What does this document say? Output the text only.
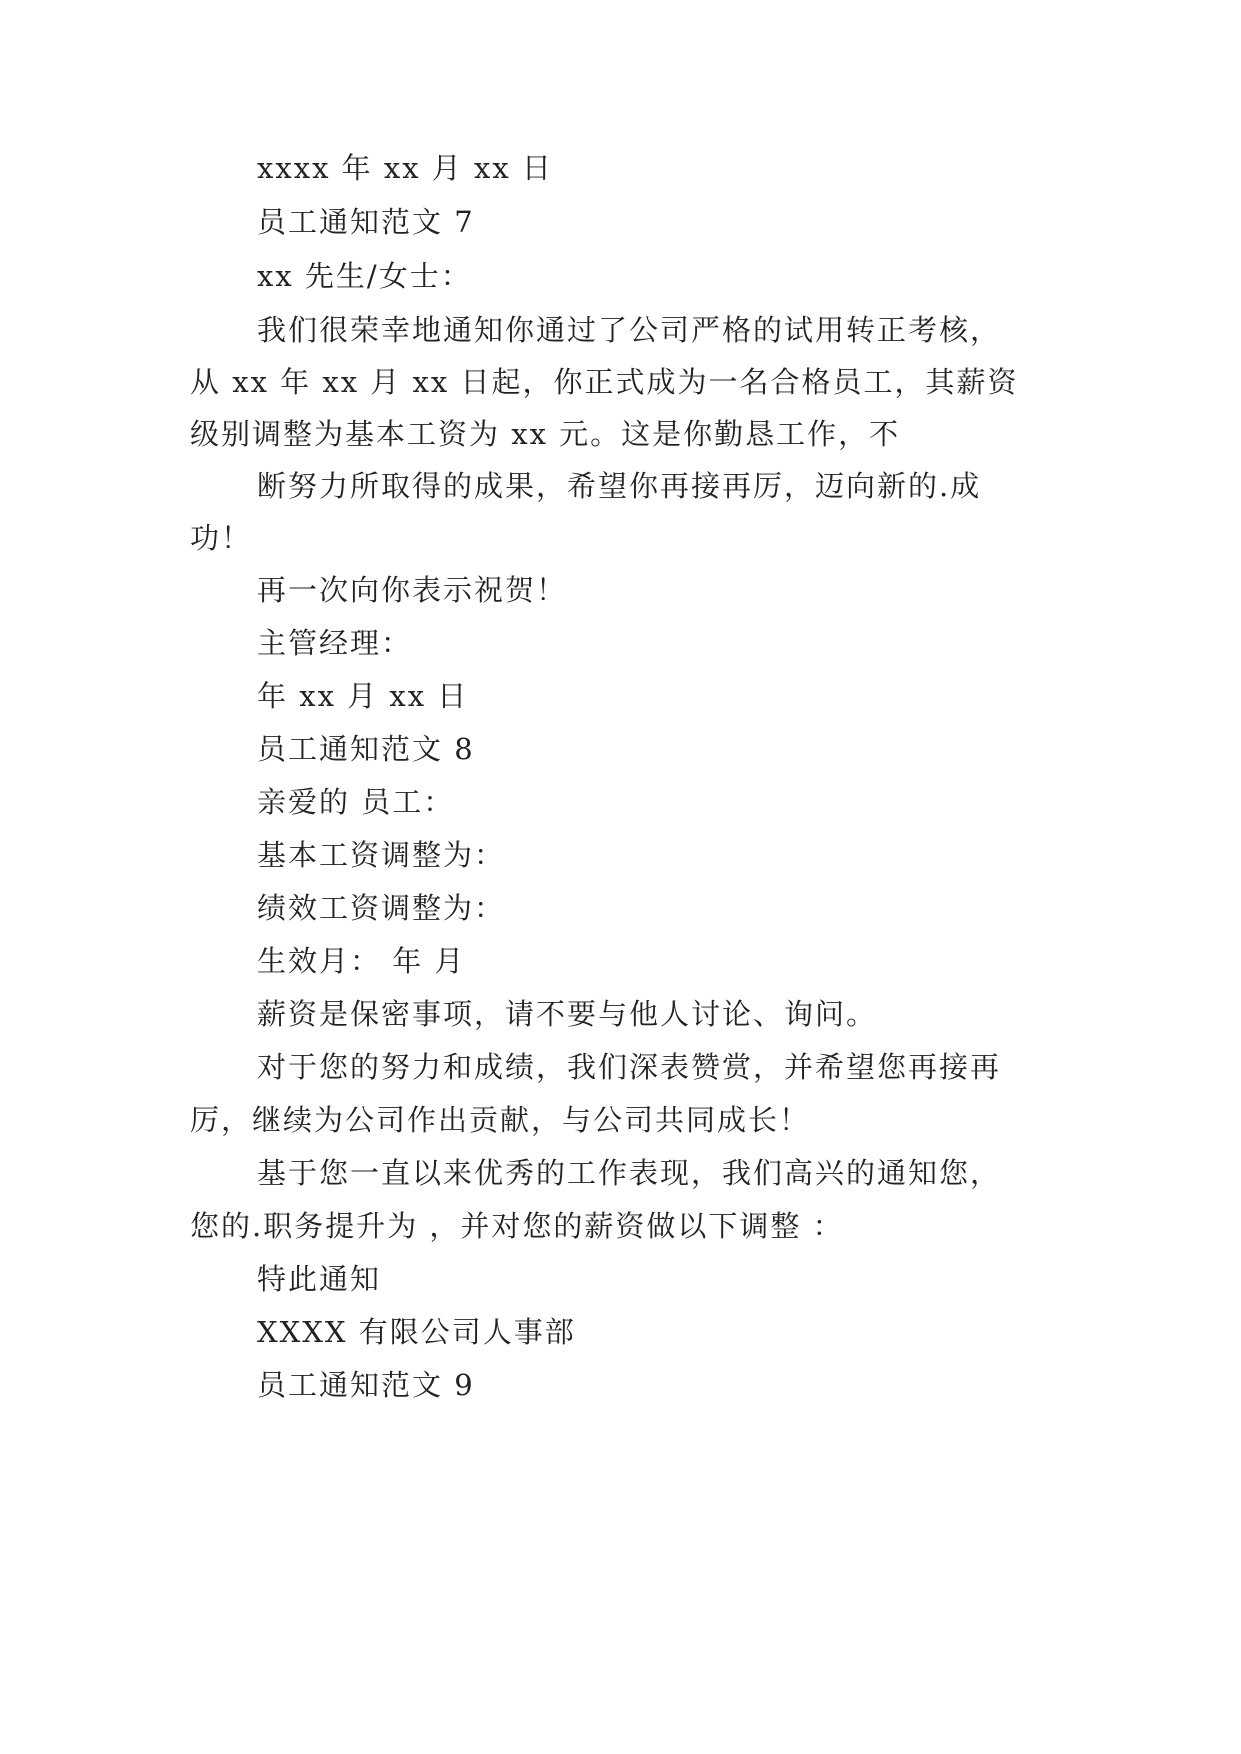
xxxx 年 xx 月 xx 日
员工通知范文 7
xx 先生/女士：
我们很荣幸地通知你通过了公司严格的试用转正考核，
从 xx 年 xx 月 xx 日起，你正式成为一名合格员工，其薪资
级别调整为基本工资为 xx 元。这是你勤恳工作，不
断努力所取得的成果，希望你再接再厉，迈向新的.成
功！
再一次向你表示祝贺！
主管经理：
年 xx 月 xx 日
员工通知范文 8
亲爱的 员工：
基本工资调整为：
绩效工资调整为：
生效月： 年 月
薪资是保密事项，请不要与他人讨论、询问。
对于您的努力和成绩，我们深表赞赏，并希望您再接再
厉，继续为公司作出贡献，与公司共同成长！
基于您一直以来优秀的工作表现，我们高兴的通知您，
您的.职务提升为 ，并对您的薪资做以下调整 ：
特此通知
XXXX 有限公司人事部
员工通知范文 9
